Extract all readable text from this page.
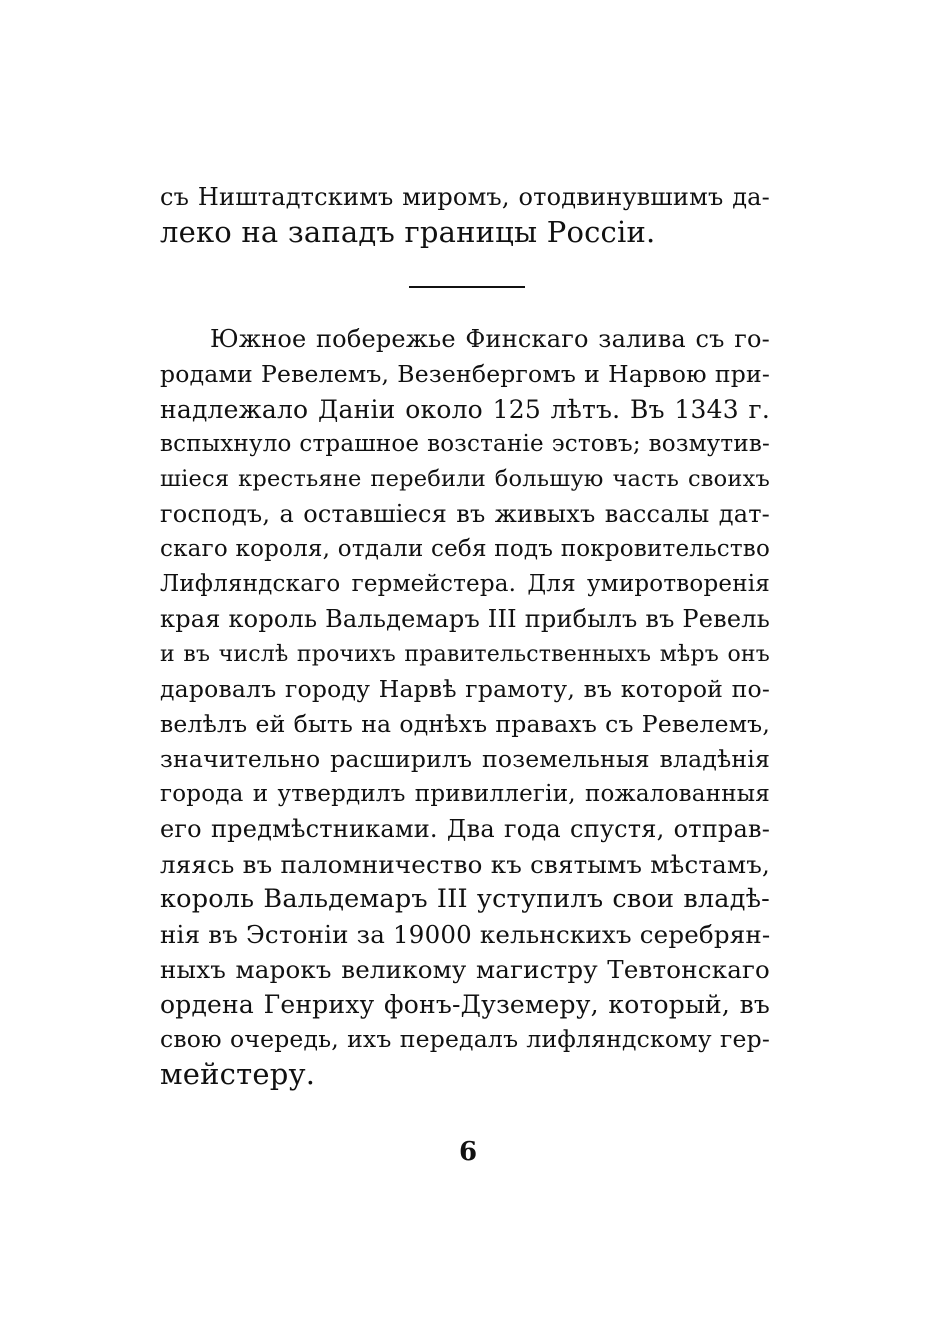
съ Ништадтскимъ миромъ, отодвинувшимъ да-
леко на западъ границы Россіи.
Южное побережье Финскаго залива съ го-
родами Ревелемъ, Везенбергомъ и Нарвою при-
надлежало Даніи около 125 лѣтъ. Въ 1343 г.
вспыхнуло страшное возстаніе эстовъ; возмутив-
шіеся крестьяне перебили большую часть своихъ
господъ, а оставшіеся въ живыхъ вассалы дат-
скаго короля, отдали себя подъ покровительство
Лифляндскаго гермейстера. Для умиротворенія
края король Вальдемаръ III прибылъ въ Ревель
и въ числѣ прочихъ правительственныхъ мѣръ онъ
даровалъ городу Нарвѣ грамоту, въ которой по-
велѣлъ ей быть на однѣхъ правахъ съ Ревелемъ,
значительно расширилъ поземельныя владѣнія
города и утвердилъ привиллегіи, пожалованныя
его предмѣстниками. Два года спустя, отправ-
ляясь въ паломничество къ святымъ мѣстамъ,
король Вальдемаръ III уступилъ свои владѣ-
нія въ Эстоніи за 19000 кельнскихъ серебрян-
ныхъ марокъ великому магистру Тевтонскаго
ордена Генриху фонъ-Дуземеру, который, въ
свою очередь, ихъ передалъ лифляндскому гер-
мейстеру.
6
